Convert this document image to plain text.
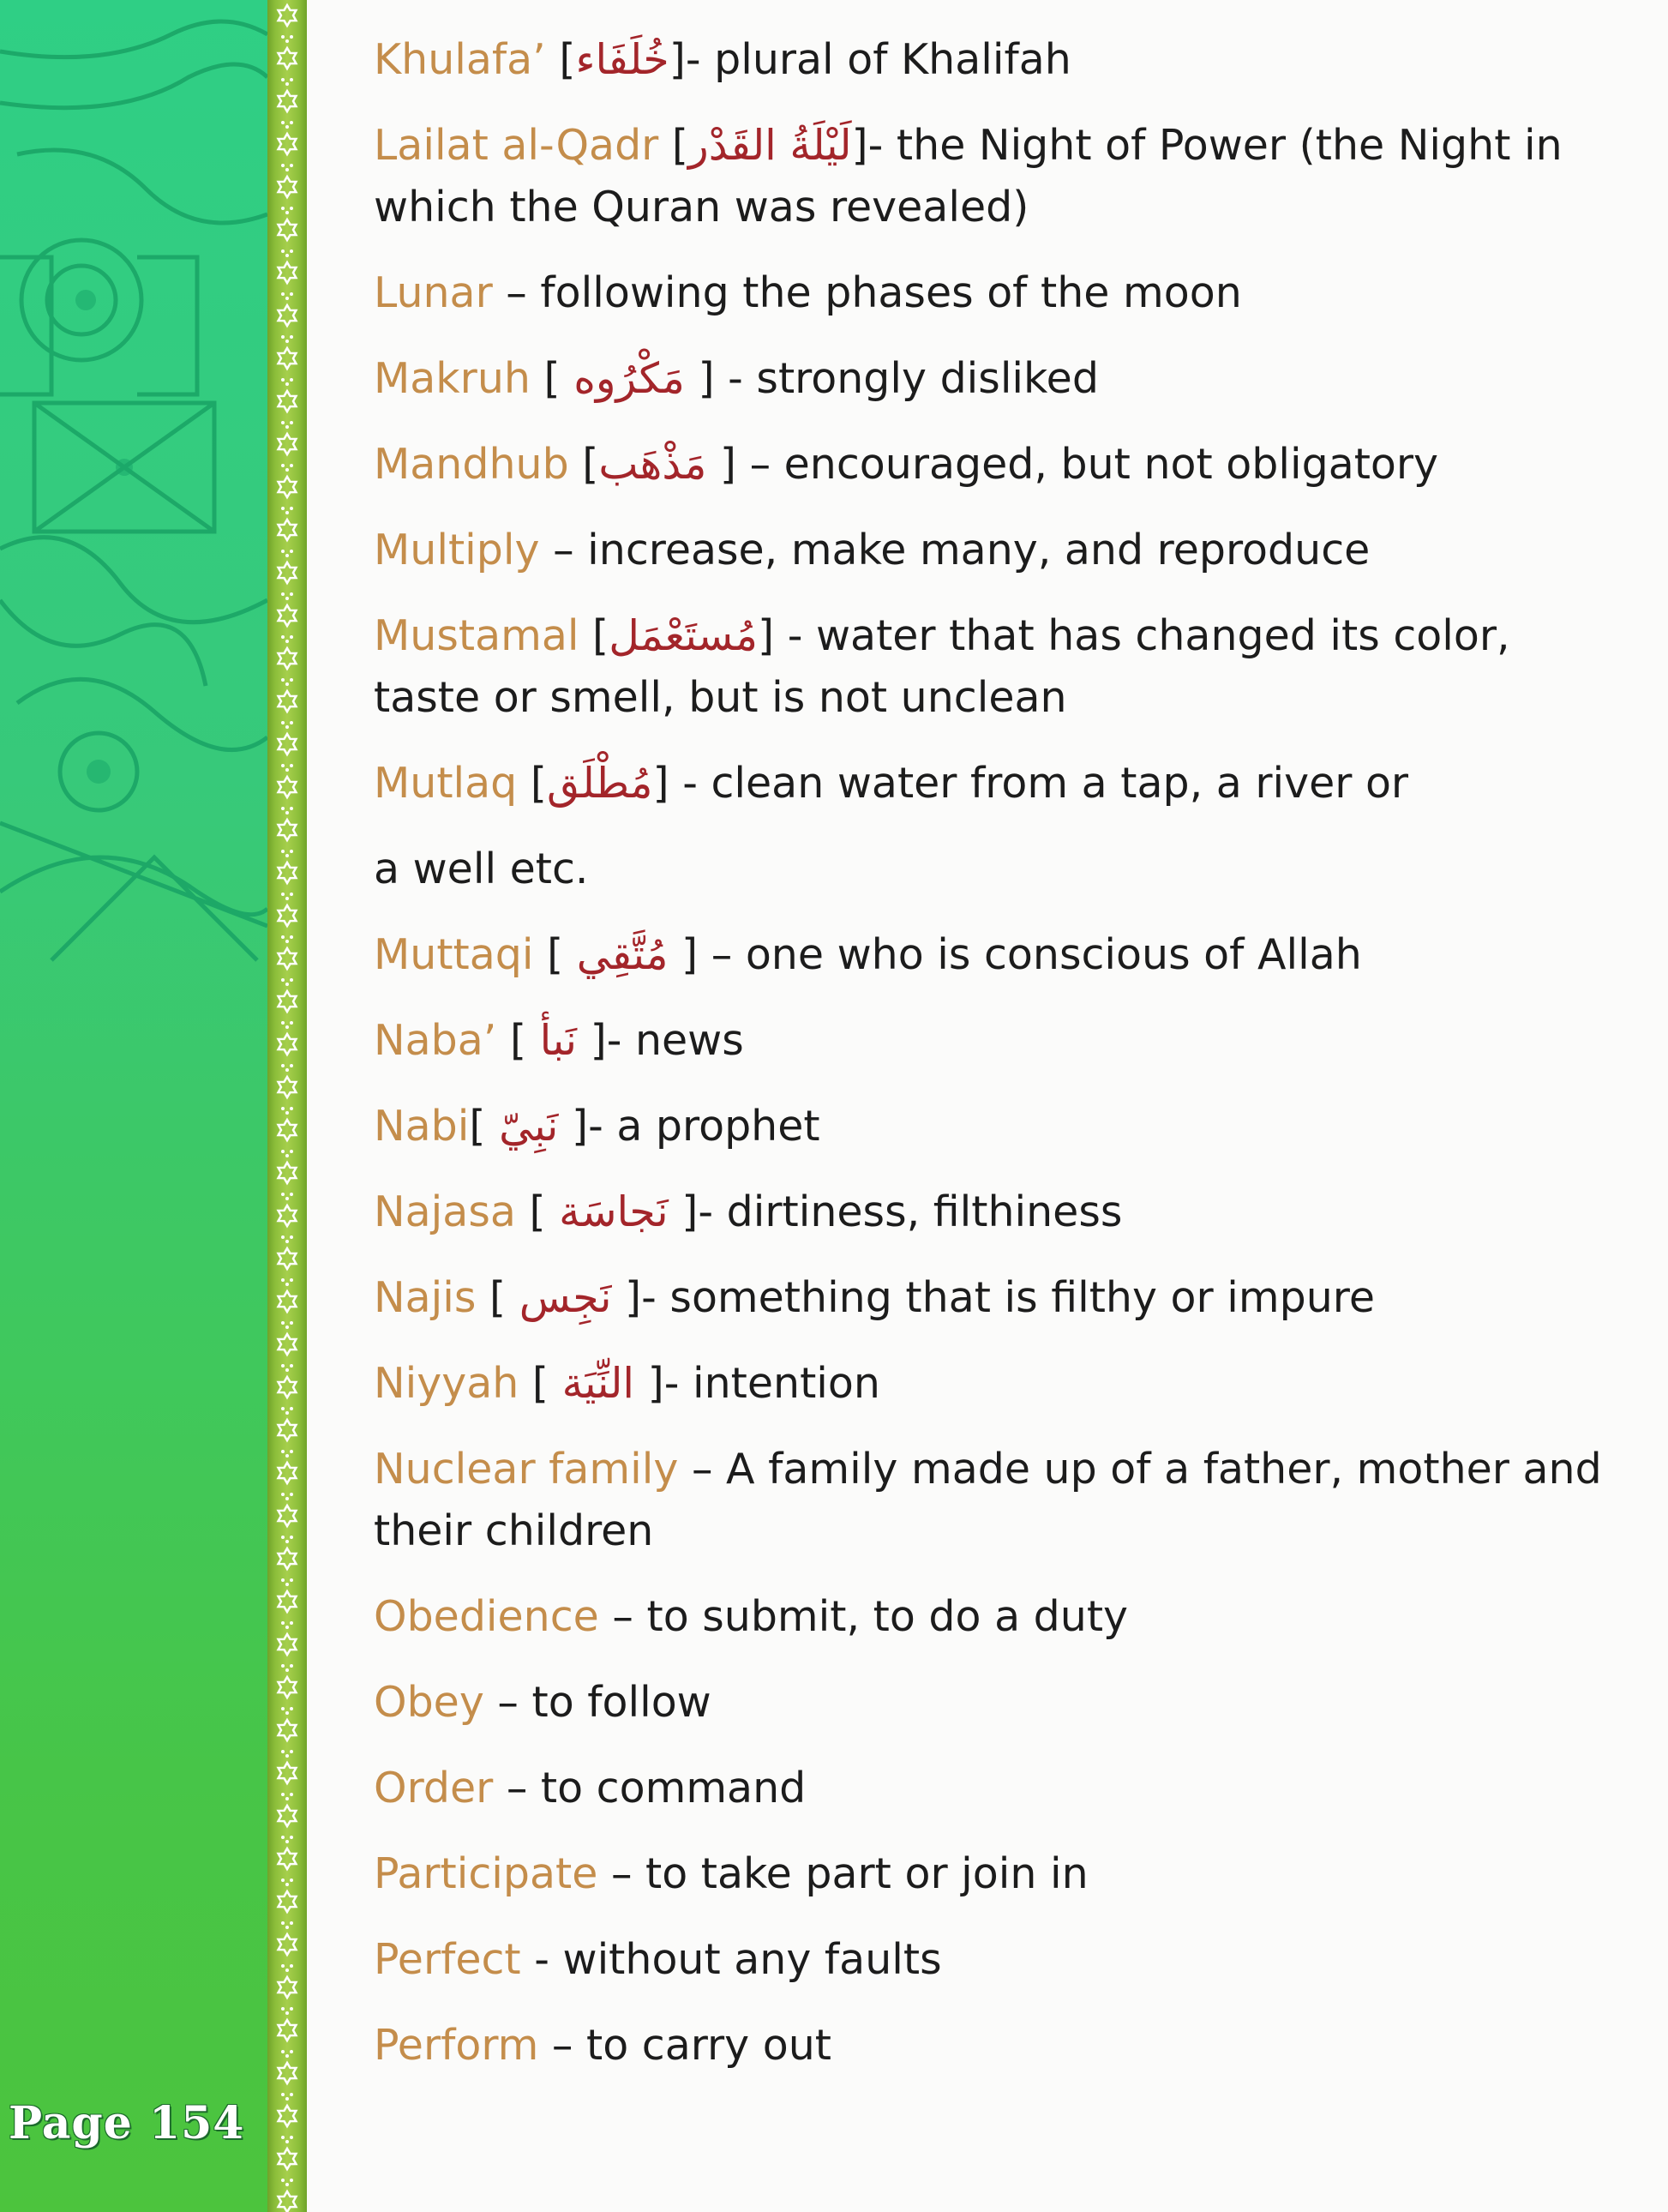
Page 154
Khulafa’ [خُلَفَاء]- plural of Khalifah
Lailat al-Qadr [لَيْلَةُ القَدْر]- the Night of Power (the Night in which the Quran was revealed)
Lunar – following the phases of the moon
Makruh [ مَكْرُوه ] - strongly disliked
Mandhub [مَذْهَب ] – encouraged, but not obligatory
Multiply – increase, make many, and reproduce
Mustamal [مُستَعْمَل] - water that has changed its color, taste or smell, but is not unclean
Mutlaq [مُطْلَق] - clean water from a tap, a river or
a well etc.
Muttaqi [ مُتَّقِي ] – one who is conscious of Allah
Naba’ [ نَبأ ]- news
Nabi[ نَبِيّ ]- a prophet
Najasa [ نَجاسَة ]- dirtiness, filthiness
Najis [ نَجِس ]- something that is filthy or impure
Niyyah [ النِّيَة ]- intention
Nuclear family – A family made up of a father, mother and their children
Obedience – to submit, to do a duty
Obey – to follow
Order – to command
Participate – to take part or join in
Perfect - without any faults
Perform – to carry out
